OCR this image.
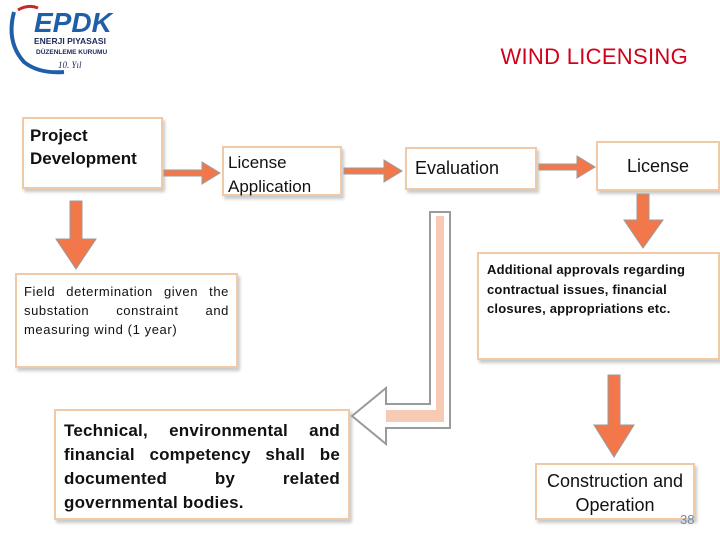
EPDK
ENERJI PIYASASI
DÜZENLEME KURUMU
10. Yıl	WIND LICENSING
Project Development	License Application
Evaluation	License
Field determination given the substation constraint and measuring wind (1 year)
Additional approvals regarding contractual issues, financial closures, appropriations etc.
Technical, environmental and financial competency shall be documented by related governmental bodies.
Construction and Operation
38
